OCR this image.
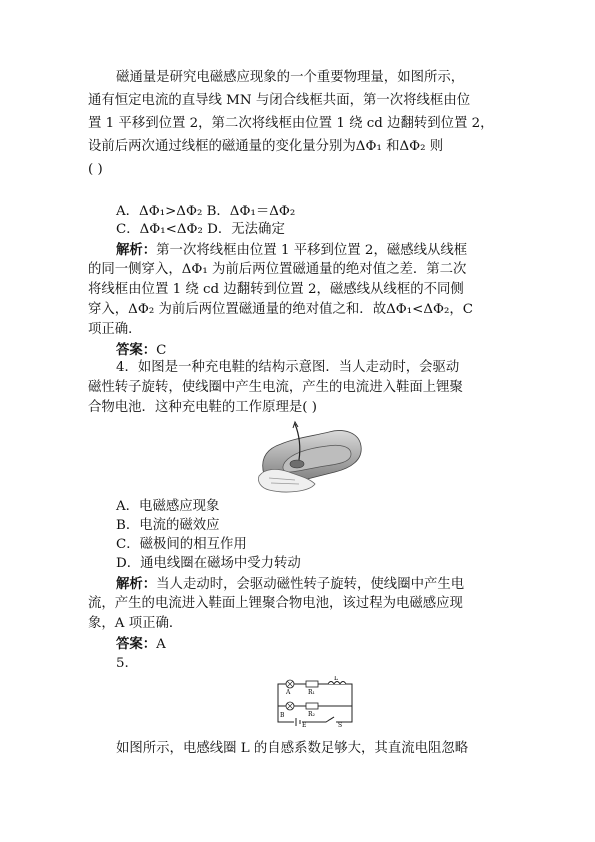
磁通量是研究电磁感应现象的一个重要物理量，如图所示，
通有恒定电流的直导线 MN 与闭合线框共面，第一次将线框由位
置 1 平移到位置 2，第二次将线框由位置 1 绕 cd 边翻转到位置 2，
设前后两次通过线框的磁通量的变化量分别为ΔΦ₁ 和ΔΦ₂ 则
( )
A．ΔΦ₁>ΔΦ₂ B．ΔΦ₁＝ΔΦ₂
C．ΔΦ₁<ΔΦ₂ D．无法确定
解析：第一次将线框由位置 1 平移到位置 2，磁感线从线框
的同一侧穿入，ΔΦ₁ 为前后两位置磁通量的绝对值之差．第二次
将线框由位置 1 绕 cd 边翻转到位置 2，磁感线从线框的不同侧
穿入，ΔΦ₂ 为前后两位置磁通量的绝对值之和．故ΔΦ₁<ΔΦ₂，C
项正确．
答案：C
4．如图是一种充电鞋的结构示意图．当人走动时，会驱动
磁性转子旋转，使线圈中产生电流，产生的电流进入鞋面上锂聚
合物电池．这种充电鞋的工作原理是( )
A．电磁感应现象
B．电流的磁效应
C．磁极间的相互作用
D．通电线圈在磁场中受力转动
解析：当人走动时，会驱动磁性转子旋转，使线圈中产生电
流，产生的电流进入鞋面上锂聚合物电池，该过程为电磁感应现
象，A 项正确．
答案：A
5.
A
B
L
R₁
R₂
S
E
如图所示，电感线圈 L 的自感系数足够大，其直流电阻忽略
